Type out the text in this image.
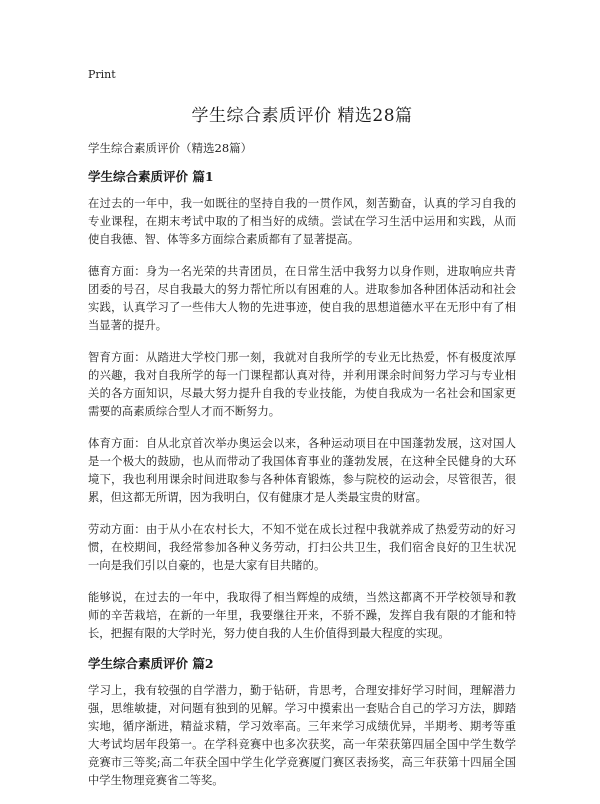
Print
学生综合素质评价 精选28篇
学生综合素质评价（精选28篇）
学生综合素质评价 篇1

在过去的一年中，我一如既往的坚持自我的一贯作风，刻苦勤奋，认真的学习自我的专业课程，在期末考试中取的了相当好的成绩。尝试在学习生活中运用和实践，从而使自我德、智、体等多方面综合素质都有了显著提高。

德育方面：身为一名光荣的共青团员，在日常生活中我努力以身作则，进取响应共青团委的号召，尽自我最大的努力帮忙所以有困难的人。进取参加各种团体活动和社会实践，认真学习了一些伟大人物的先进事迹，使自我的思想道德水平在无形中有了相当显著的提升。

智育方面：从踏进大学校门那一刻，我就对自我所学的专业无比热爱，怀有极度浓厚的兴趣，我对自我所学的每一门课程都认真对待，并利用课余时间努力学习与专业相关的各方面知识，尽最大努力提升自我的专业技能，为使自我成为一名社会和国家更需要的高素质综合型人才而不断努力。

体育方面：自从北京首次举办奥运会以来，各种运动项目在中国蓬勃发展，这对国人是一个极大的鼓励，也从而带动了我国体育事业的蓬勃发展，在这种全民健身的大环境下，我也利用课余时间进取参与各种体育锻炼，参与院校的运动会，尽管很苦，很累，但这都无所谓，因为我明白，仅有健康才是人类最宝贵的财富。

劳动方面：由于从小在农村长大，不知不觉在成长过程中我就养成了热爱劳动的好习惯，在校期间，我经常参加各种义务劳动，打扫公共卫生，我们宿舍良好的卫生状况一向是我们引以自豪的，也是大家有目共睹的。

能够说，在过去的一年中，我取得了相当辉煌的成绩，当然这都离不开学校领导和教师的辛苦栽培，在新的一年里，我要继往开来，不骄不躁，发挥自我有限的才能和特长，把握有限的大学时光，努力使自我的人生价值得到最大程度的实现。

学生综合素质评价 篇2

学习上，我有较强的自学潜力，勤于钻研，肯思考，合理安排好学习时间，理解潜力强，思维敏捷，对问题有独到的见解。学习中摸索出一套贴合自己的学习方法，脚踏实地，循序渐进，精益求精，学习效率高。三年来学习成绩优异，半期考、期考等重大考试均居年段第一。在学科竞赛中也多次获奖，高一年荣获第四届全国中学生数学竞赛市三等奖;高二年获全国中学生化学竞赛厦门赛区表扬奖，高三年获第十四届全国中学生物理竞赛省二等奖。
